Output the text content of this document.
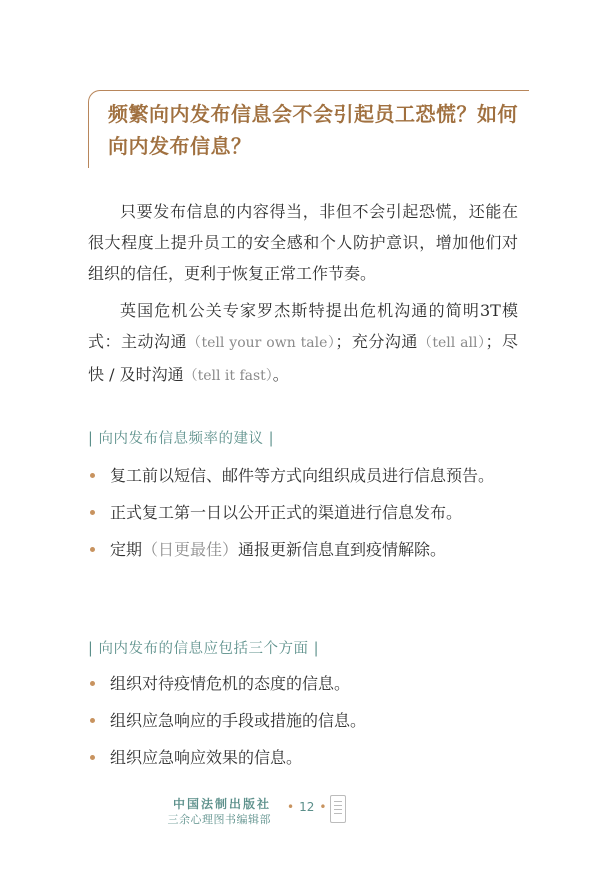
频繁向内发布信息会不会引起员工恐慌？如何向内发布信息？
只要发布信息的内容得当，非但不会引起恐慌，还能在很大程度上提升员工的安全感和个人防护意识，增加他们对组织的信任，更利于恢复正常工作节奏。
英国危机公关专家罗杰斯特提出危机沟通的简明3T模式：主动沟通（tell your own tale）；充分沟通（tell all）；尽快 / 及时沟通（tell it fast）。
| 向内发布信息频率的建议 |
复工前以短信、邮件等方式向组织成员进行信息预告。
正式复工第一日以公开正式的渠道进行信息发布。
定期（日更最佳）通报更新信息直到疫情解除。
| 向内发布的信息应包括三个方面 |
组织对待疫情危机的态度的信息。
组织应急响应的手段或措施的信息。
组织应急响应效果的信息。
中国法制出版社
三余心理图书编辑部
• 12 •
